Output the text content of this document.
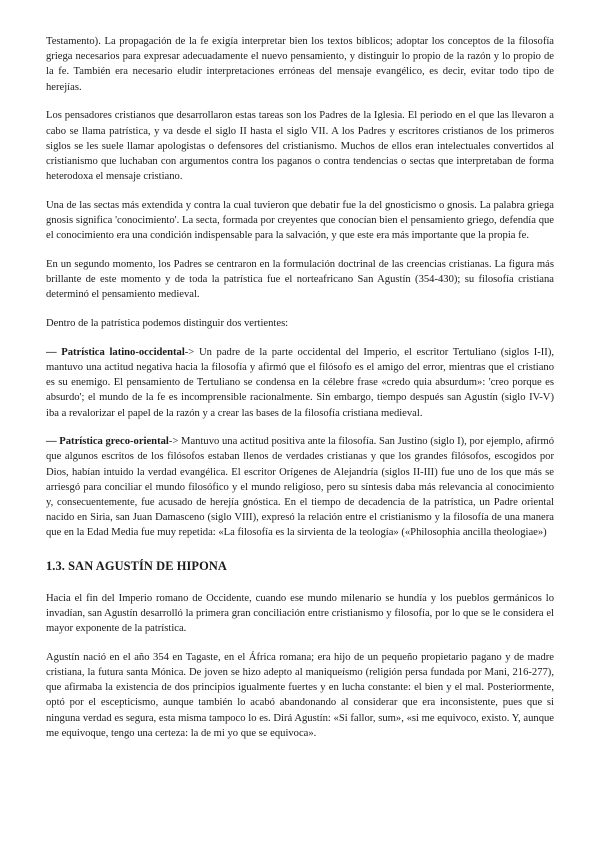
Testamento). La propagación de la fe exigía interpretar bien los textos bíblicos; adoptar los conceptos de la filosofía griega necesarios para expresar adecuadamente el nuevo pensamiento, y distinguir lo propio de la razón y lo propio de la fe. También era necesario eludir interpretaciones erróneas del mensaje evangélico, es decir, evitar todo tipo de herejías.

Los pensadores cristianos que desarrollaron estas tareas son los Padres de la Iglesia. El periodo en el que las llevaron a cabo se llama patrística, y va desde el siglo II hasta el siglo VII. A los Padres y escritores cristianos de los primeros siglos se les suele llamar apologistas o defensores del cristianismo. Muchos de ellos eran intelectuales convertidos al cristianismo que luchaban con argumentos contra los paganos o contra tendencias o sectas que interpretaban de forma heterodoxa el mensaje cristiano.

Una de las sectas más extendida y contra la cual tuvieron que debatir fue la del gnosticismo o gnosis. La palabra griega gnosis significa 'conocimiento'. La secta, formada por creyentes que conocían bien el pensamiento griego, defendía que el conocimiento era una condición indispensable para la salvación, y que este era más importante que la propia fe.

En un segundo momento, los Padres se centraron en la formulación doctrinal de las creencias cristianas. La figura más brillante de este momento y de toda la patrística fue el norteafricano San Agustín (354-430); su filosofía cristiana determinó el pensamiento medieval.

Dentro de la patrística podemos distinguir dos vertientes:

— Patrística latino-occidental-> Un padre de la parte occidental del Imperio, el escritor Tertuliano (siglos I-II), mantuvo una actitud negativa hacia la filosofía y afirmó que el filósofo es el amigo del error, mientras que el cristiano es su enemigo. El pensamiento de Tertuliano se condensa en la célebre frase «credo quia absurdum»: 'creo porque es absurdo'; el mundo de la fe es incomprensible racionalmente. Sin embargo, tiempo después san Agustín (siglo IV-V) iba a revalorizar el papel de la razón y a crear las bases de la filosofía cristiana medieval.

— Patrística greco-oriental-> Mantuvo una actitud positiva ante la filosofía. San Justino (siglo I), por ejemplo, afirmó que algunos escritos de los filósofos estaban llenos de verdades cristianas y que los grandes filósofos, escogidos por Dios, habían intuido la verdad evangélica. El escritor Orígenes de Alejandría (siglos II-III) fue uno de los que más se arriesgó para conciliar el mundo filosófico y el mundo religioso, pero su síntesis daba más relevancia al conocimiento y, consecuentemente, fue acusado de herejía gnóstica. En el tiempo de decadencia de la patrística, un Padre oriental nacido en Siria, san Juan Damasceno (siglo VIII), expresó la relación entre el cristianismo y la filosofía de una manera que en la Edad Media fue muy repetida: «La filosofía es la sirvienta de la teología» («Philosophia ancilla theologiae»)

1.3. SAN AGUSTÍN DE HIPONA

Hacia el fin del Imperio romano de Occidente, cuando ese mundo milenario se hundía y los pueblos germánicos lo invadían, san Agustín desarrolló la primera gran conciliación entre cristianismo y filosofía, por lo que se le considera el mayor exponente de la patrística.

Agustín nació en el año 354 en Tagaste, en el África romana; era hijo de un pequeño propietario pagano y de madre cristiana, la futura santa Mónica. De joven se hizo adepto al maniqueísmo (religión persa fundada por Mani, 216-277), que afirmaba la existencia de dos principios igualmente fuertes y en lucha constante: el bien y el mal. Posteriormente, optó por el escepticismo, aunque también lo acabó abandonando al considerar que era inconsistente, pues que si ninguna verdad es segura, esta misma tampoco lo es. Dirá Agustín: «Si fallor, sum», «si me equivoco, existo. Y, aunque me equivoque, tengo una certeza: la de mi yo que se equivoca».
